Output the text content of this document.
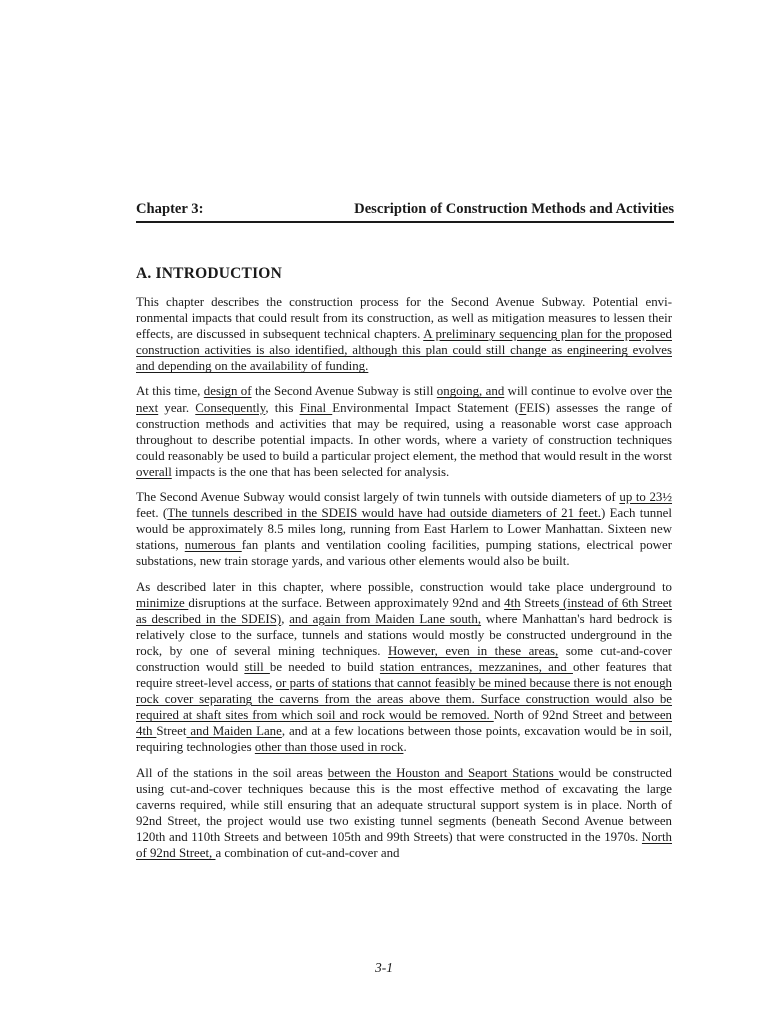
Chapter 3:	Description of Construction Methods and Activities
A. INTRODUCTION

This chapter describes the construction process for the Second Avenue Subway. Potential envi- ronmental impacts that could result from its construction, as well as mitigation measures to lessen their effects, are discussed in subsequent technical chapters. A preliminary sequencing plan for the proposed construction activities is also identified, although this plan could still change as engineering evolves and depending on the availability of funding.

At this time, design of the Second Avenue Subway is still ongoing, and will continue to evolve over the next year. Consequently, this Final Environmental Impact Statement (FEIS) assesses the range of construction methods and activities that may be required, using a reasonable worst case approach throughout to describe potential impacts. In other words, where a variety of construction techniques could reasonably be used to build a particular project element, the method that would result in the worst overall impacts is the one that has been selected for analysis.

The Second Avenue Subway would consist largely of twin tunnels with outside diameters of up to 23½ feet. (The tunnels described in the SDEIS would have had outside diameters of 21 feet.) Each tunnel would be approximately 8.5 miles long, running from East Harlem to Lower Manhattan. Sixteen new stations, numerous fan plants and ventilation cooling facilities, pumping stations, electrical power substations, new train storage yards, and various other elements would also be built.

As described later in this chapter, where possible, construction would take place underground to minimize disruptions at the surface. Between approximately 92nd and 4th Streets (instead of 6th Street as described in the SDEIS), and again from Maiden Lane south, where Manhattan's hard bedrock is relatively close to the surface, tunnels and stations would mostly be constructed underground in the rock, by one of several mining techniques. However, even in these areas, some cut-and-cover construction would still be needed to build station entrances, mezzanines, and other features that require street-level access, or parts of stations that cannot feasibly be mined because there is not enough rock cover separating the caverns from the areas above them. Surface construction would also be required at shaft sites from which soil and rock would be removed. North of 92nd Street and between 4th Street and Maiden Lane, and at a few locations between those points, excavation would be in soil, requiring technologies other than those used in rock.

All of the stations in the soil areas between the Houston and Seaport Stations would be constructed using cut-and-cover techniques because this is the most effective method of excavating the large caverns required, while still ensuring that an adequate structural support system is in place. North of 92nd Street, the project would use two existing tunnel segments (beneath Second Avenue between 120th and 110th Streets and between 105th and 99th Streets) that were constructed in the 1970s. North of 92nd Street, a combination of cut-and-cover and

3-1
